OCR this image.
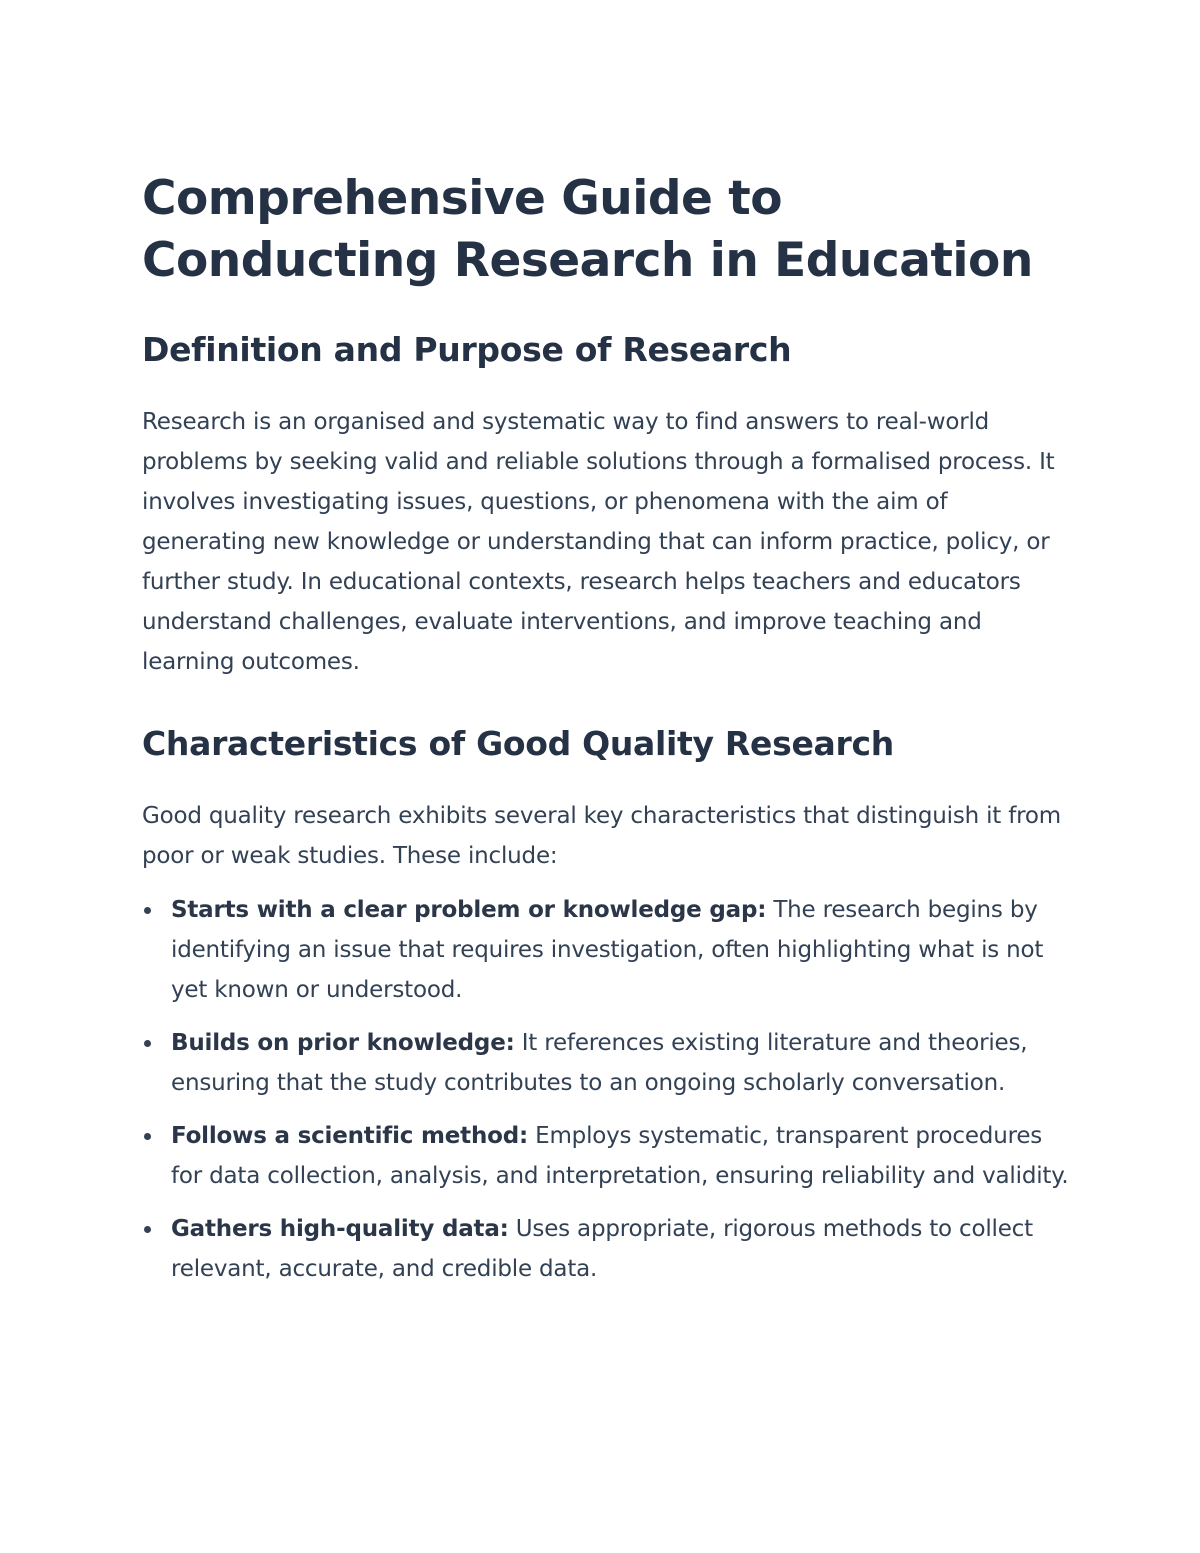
Comprehensive Guide to Conducting Research in Education
Definition and Purpose of Research

Research is an organised and systematic way to find answers to real-world problems by seeking valid and reliable solutions through a formalised process. It involves investigating issues, questions, or phenomena with the aim of generating new knowledge or understanding that can inform practice, policy, or further study. In educational contexts, research helps teachers and educators understand challenges, evaluate interventions, and improve teaching and learning outcomes.

Characteristics of Good Quality Research

Good quality research exhibits several key characteristics that distinguish it from poor or weak studies. These include:

Starts with a clear problem or knowledge gap: The research begins by identifying an issue that requires investigation, often highlighting what is not yet known or understood.
Builds on prior knowledge: It references existing literature and theories, ensuring that the study contributes to an ongoing scholarly conversation.
Follows a scientific method: Employs systematic, transparent procedures for data collection, analysis, and interpretation, ensuring reliability and validity.
Gathers high-quality data: Uses appropriate, rigorous methods to collect relevant, accurate, and credible data.
